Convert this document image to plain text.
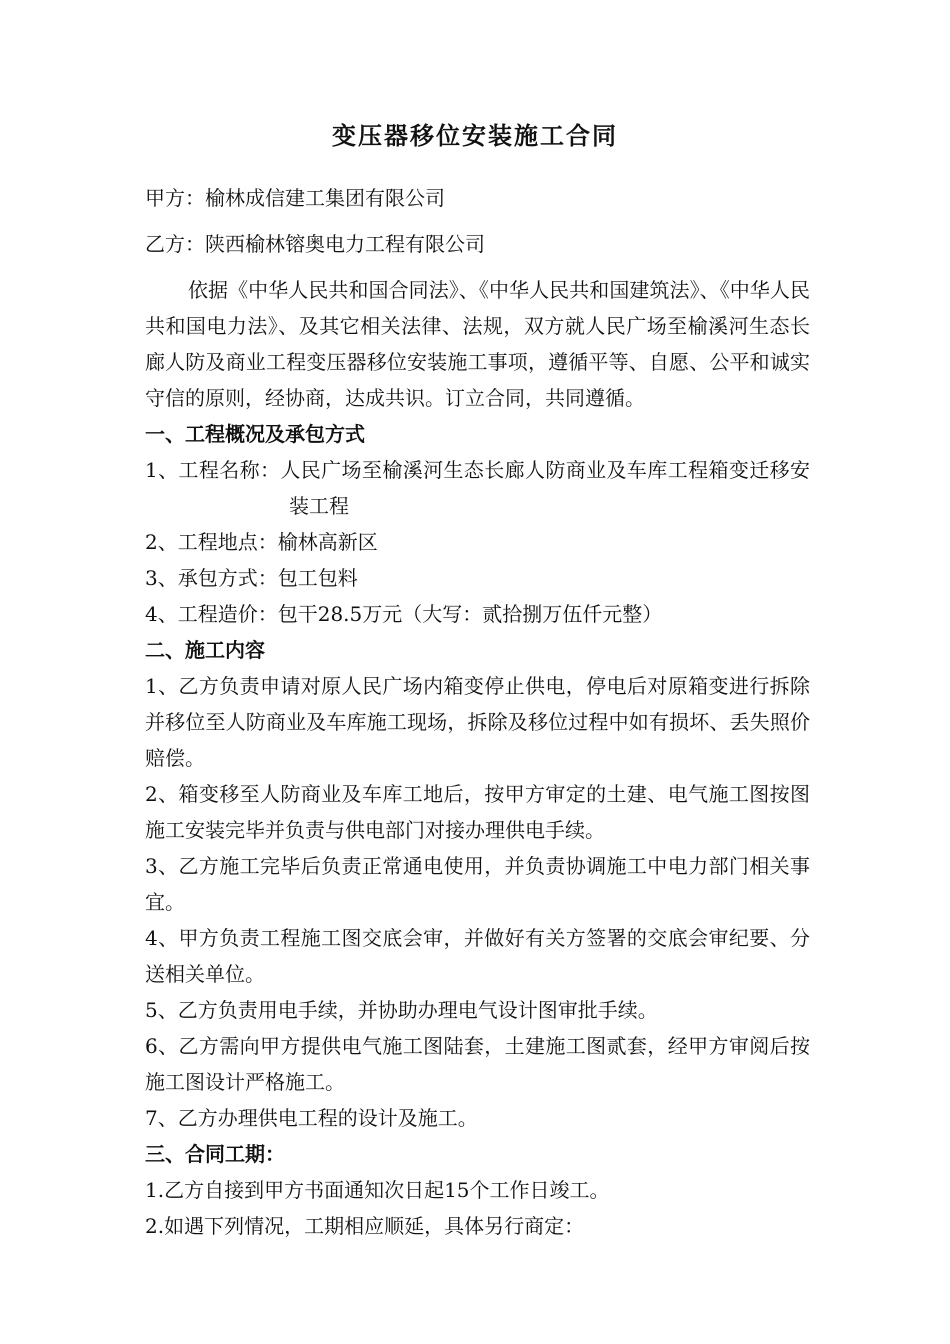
变压器移位安装施工合同

甲方：榆林成信建工集团有限公司

乙方：陕西榆林镕奥电力工程有限公司

依据《中华人民共和国合同法》、《中华人民共和国建筑法》、《中华人民共和国电力法》、及其它相关法律、法规，双方就人民广场至榆溪河生态长廊人防及商业工程变压器移位安装施工事项，遵循平等、自愿、公平和诚实守信的原则，经协商，达成共识。订立合同，共同遵循。

一、工程概况及承包方式

1、工程名称：人民广场至榆溪河生态长廊人防商业及车库工程箱变迁移安装工程

2、工程地点：榆林高新区

3、承包方式：包工包料

4、工程造价：包干28.5万元（大写：贰拾捌万伍仟元整）

二、施工内容

1、乙方负责申请对原人民广场内箱变停止供电，停电后对原箱变进行拆除并移位至人防商业及车库施工现场，拆除及移位过程中如有损坏、丢失照价赔偿。

2、箱变移至人防商业及车库工地后，按甲方审定的土建、电气施工图按图施工安装完毕并负责与供电部门对接办理供电手续。

3、乙方施工完毕后负责正常通电使用，并负责协调施工中电力部门相关事宜。

4、甲方负责工程施工图交底会审，并做好有关方签署的交底会审纪要、分送相关单位。

5、乙方负责用电手续，并协助办理电气设计图审批手续。

6、乙方需向甲方提供电气施工图陆套，土建施工图贰套，经甲方审阅后按施工图设计严格施工。

7、乙方办理供电工程的设计及施工。

三、合同工期：

1.乙方自接到甲方书面通知次日起15个工作日竣工。

2.如遇下列情况，工期相应顺延，具体另行商定：
